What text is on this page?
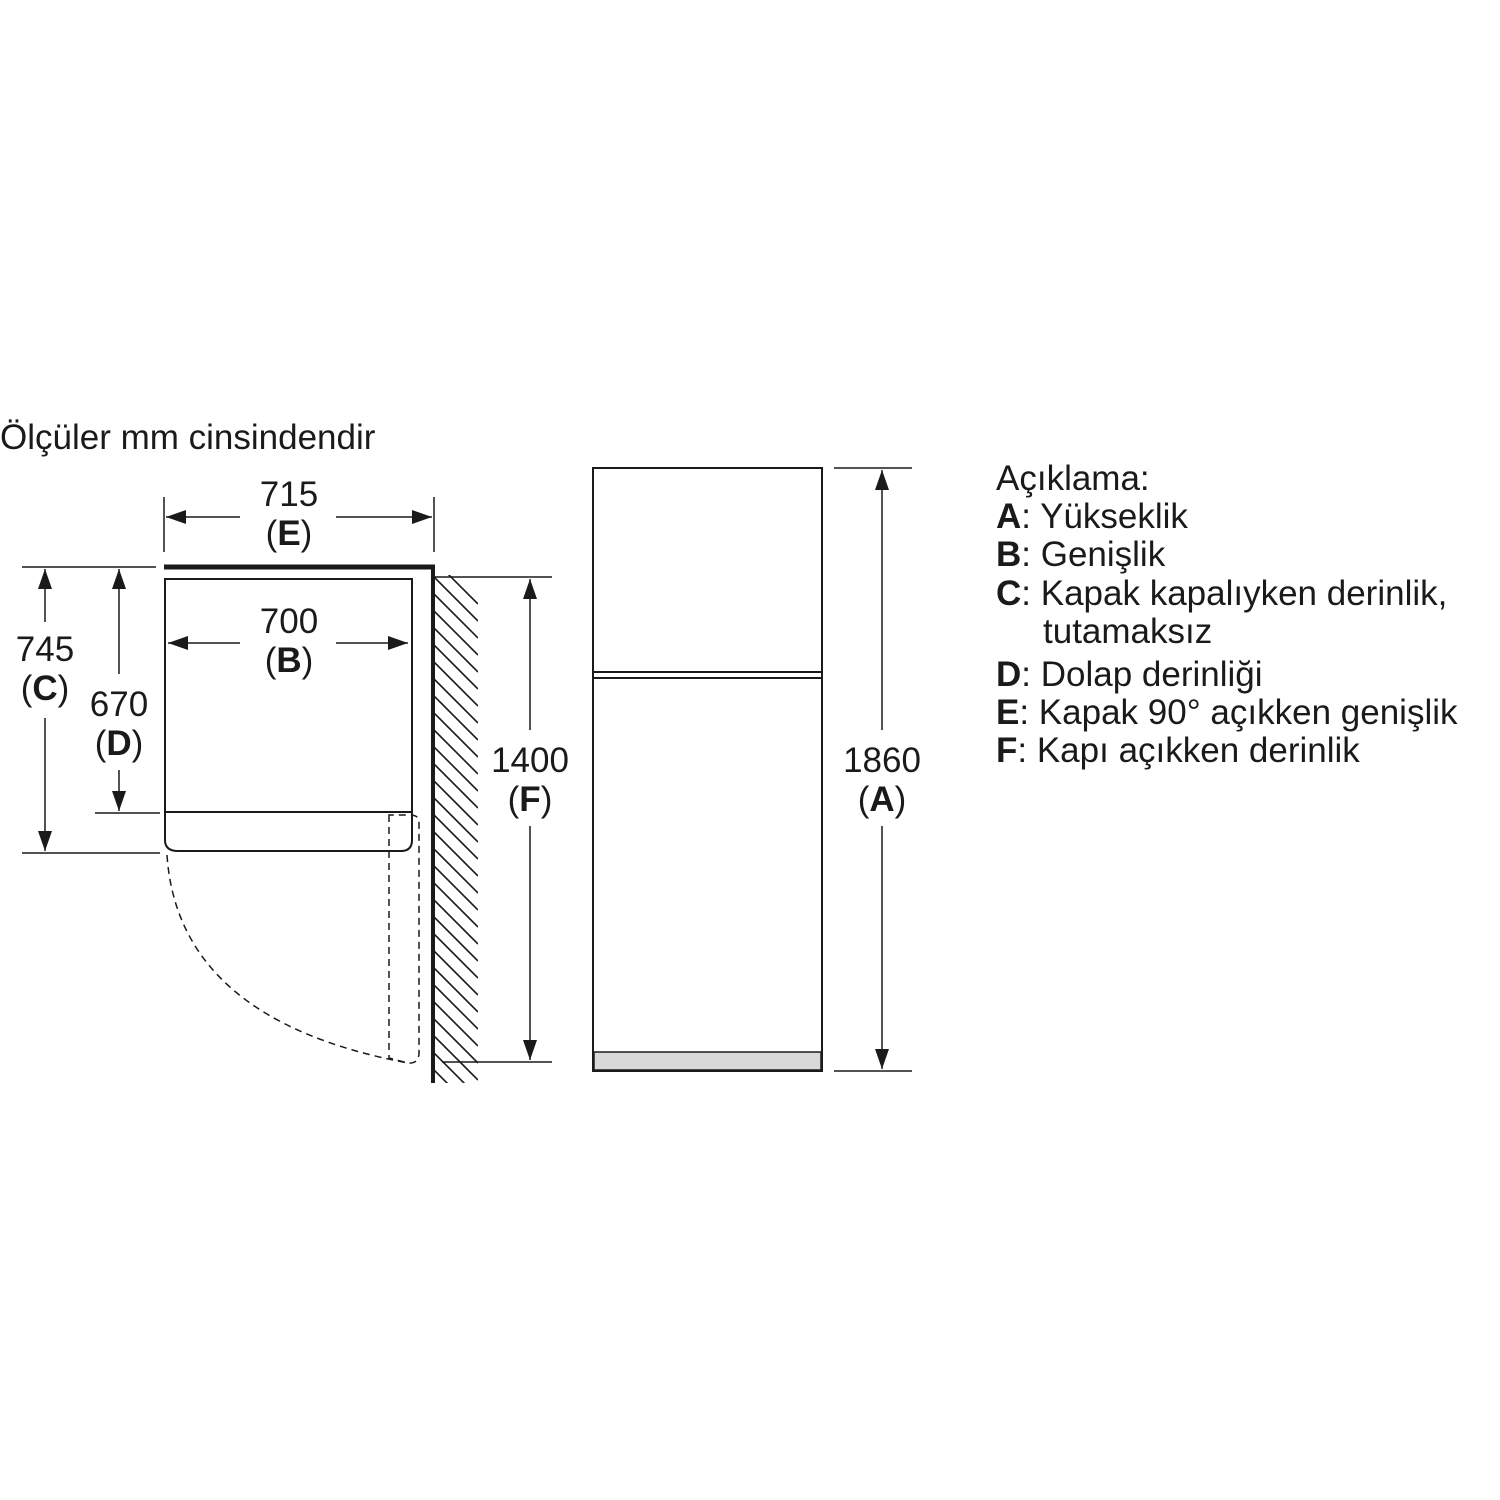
Ölçüler mm cinsindendir
715
(E)
700
(B)
745
(C) 670
(D)	1400
(F)
1860
(A)
Açıklama:
A: Yükseklik
B: Genişlik
C: Kapak kapalıyken derinlik,
tutamaksız
D: Dolap derinliği
E: Kapak 90° açıkken genişlik
F: Kapı açıkken derinlik
